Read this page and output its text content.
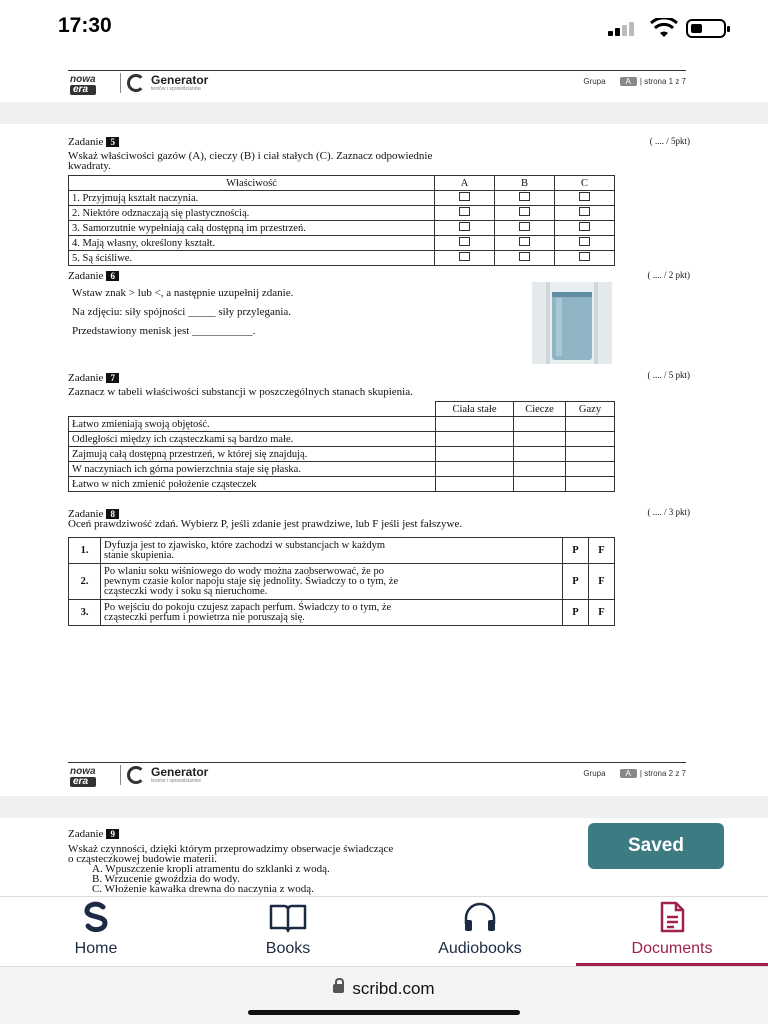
17:30
nowa
era
Generator
testów i sprawdzianów
Grupa	A | strona 1 z 7
Zadanie 5	( .... / 5pkt)
Wskaż właściwości gazów (A), cieczy (B) i ciał stałych (C). Zaznacz odpowiednie
kwadraty.
Właściwość	A	B	C
1. Przyjmują kształt naczynia.			
2. Niektóre odznaczają się plastycznością.			
3. Samorzutnie wypełniają całą dostępną im przestrzeń.			
4. Mają własny, określony kształt.			
5. Są ściśliwe.			
Zadanie 6	( .... / 2 pkt)
Wstaw znak > lub <, a następnie uzupełnij zdanie.
Na zdjęciu: siły spójności _____ siły przylegania.
Przedstawiony menisk jest ___________.
Zadanie 7	( .... / 5 pkt)
Zaznacz w tabeli właściwości substancji w poszczególnych stanach skupienia.
	Ciała stałe	Ciecze	Gazy
Łatwo zmieniają swoją objętość.			
Odległości między ich cząsteczkami są bardzo małe.			
Zajmują całą dostępną przestrzeń, w której się znajdują.			
W naczyniach ich górna powierzchnia staje się płaska.			
Łatwo w nich zmienić położenie cząsteczek			
Zadanie 8	( .... / 3 pkt)
Oceń prawdziwość zdań. Wybierz P, jeśli zdanie jest prawdziwe, lub F jeśli jest fałszywe.
1.	Dyfuzja jest to zjawisko, które zachodzi w substancjach w każdym
stanie skupienia.	P	F
2.	Po wlaniu soku wiśniowego do wody można zaobserwować, że po
pewnym czasie kolor napoju staje się jednolity. Świadczy to o tym, że
cząsteczki wody i soku są nieruchome.	P	F
3.	Po wejściu do pokoju czujesz zapach perfum. Świadczy to o tym, że
cząsteczki perfum i powietrza nie poruszają się.	P	F
nowa
era
Generator
testów i sprawdzianów
Grupa	A | strona 2 z 7
Zadanie 9
Wskaż czynności, dzięki którym przeprowadzimy obserwacje świadczące
o cząsteczkowej budowie materii.
A. Wpuszczenie kropli atramentu do szklanki z wodą.
B. Wrzucenie gwoździa do wody.
C. Włożenie kawałka drewna do naczynia z wodą.
Saved
Home	Books	Audiobooks	Documents
scribd.com
